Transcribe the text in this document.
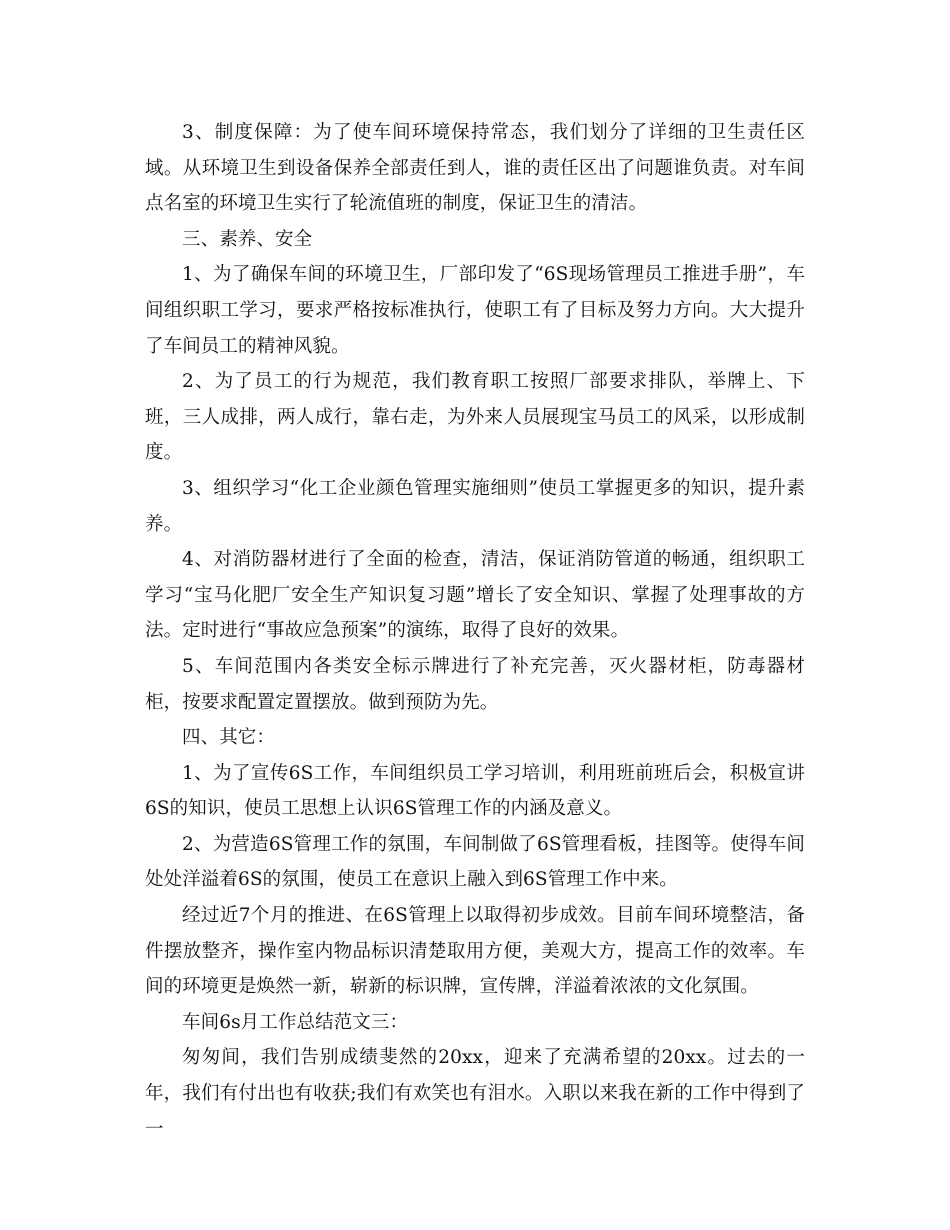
3、制度保障：为了使车间环境保持常态，我们划分了详细的卫生责任区域。从环境卫生到设备保养全部责任到人，谁的责任区出了问题谁负责。对车间点名室的环境卫生实行了轮流值班的制度，保证卫生的清洁。

三、素养、安全

1、为了确保车间的环境卫生，厂部印发了“6S现场管理员工推进手册”，车间组织职工学习，要求严格按标准执行，使职工有了目标及努力方向。大大提升了车间员工的精神风貌。

2、为了员工的行为规范，我们教育职工按照厂部要求排队，举牌上、下班，三人成排，两人成行，靠右走，为外来人员展现宝马员工的风采，以形成制度。

3、组织学习“化工企业颜色管理实施细则”使员工掌握更多的知识，提升素养。

4、对消防器材进行了全面的检查，清洁，保证消防管道的畅通，组织职工学习“宝马化肥厂安全生产知识复习题”增长了安全知识、掌握了处理事故的方法。定时进行“事故应急预案”的演练，取得了良好的效果。

5、车间范围内各类安全标示牌进行了补充完善，灭火器材柜，防毒器材柜，按要求配置定置摆放。做到预防为先。

四、其它：

1、为了宣传6S工作，车间组织员工学习培训，利用班前班后会，积极宣讲6S的知识，使员工思想上认识6S管理工作的内涵及意义。

2、为营造6S管理工作的氛围，车间制做了6S管理看板，挂图等。使得车间处处洋溢着6S的氛围，使员工在意识上融入到6S管理工作中来。

经过近7个月的推进、在6S管理上以取得初步成效。目前车间环境整洁，备件摆放整齐，操作室内物品标识清楚取用方便，美观大方，提高工作的效率。车间的环境更是焕然一新，崭新的标识牌，宣传牌，洋溢着浓浓的文化氛围。

车间6s月工作总结范文三：

匆匆间，我们告别成绩斐然的20xx，迎来了充满希望的20xx。过去的一年，我们有付出也有收获;我们有欢笑也有泪水。入职以来我在新的工作中得到了一
